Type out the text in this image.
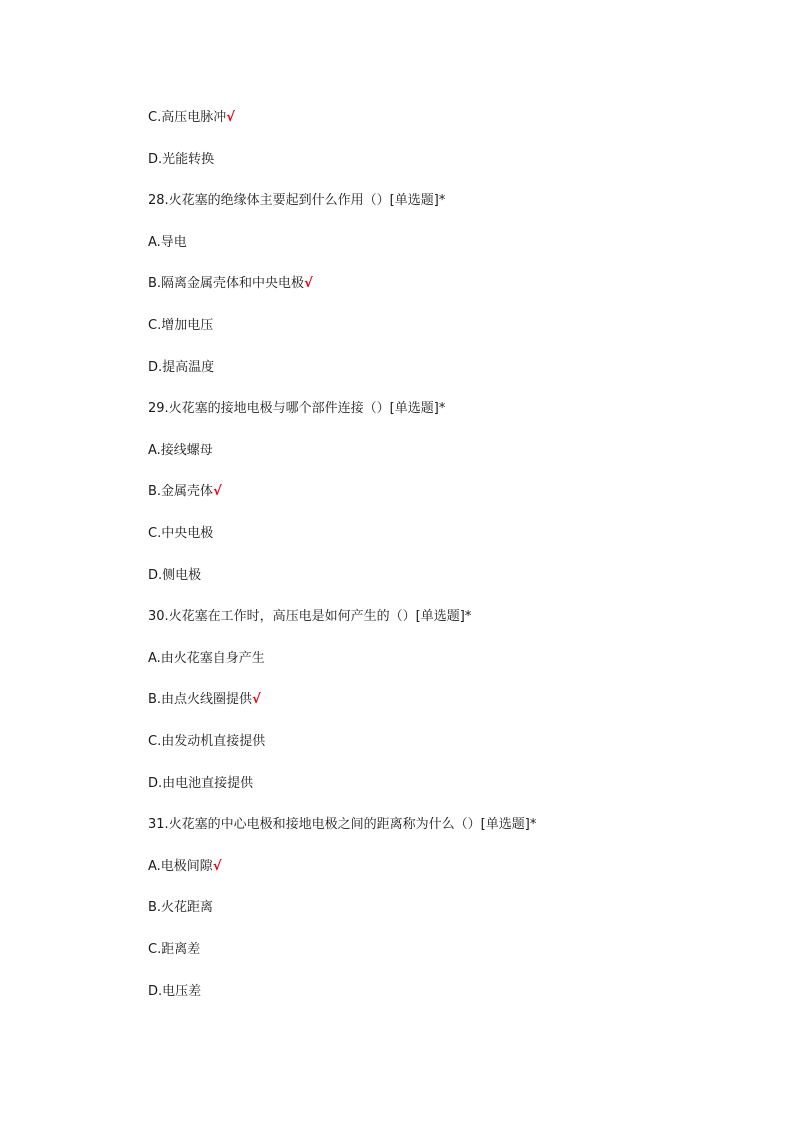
C.高压电脉冲√
D.光能转换
28.火花塞的绝缘体主要起到什么作用（）[单选题]*
A.导电
B.隔离金属壳体和中央电极√
C.增加电压
D.提高温度
29.火花塞的接地电极与哪个部件连接（）[单选题]*
A.接线螺母
B.金属壳体√
C.中央电极
D.侧电极
30.火花塞在工作时，高压电是如何产生的（）[单选题]*
A.由火花塞自身产生
B.由点火线圈提供√
C.由发动机直接提供
D.由电池直接提供
31.火花塞的中心电极和接地电极之间的距离称为什么（）[单选题]*
A.电极间隙√
B.火花距离
C.距离差
D.电压差
